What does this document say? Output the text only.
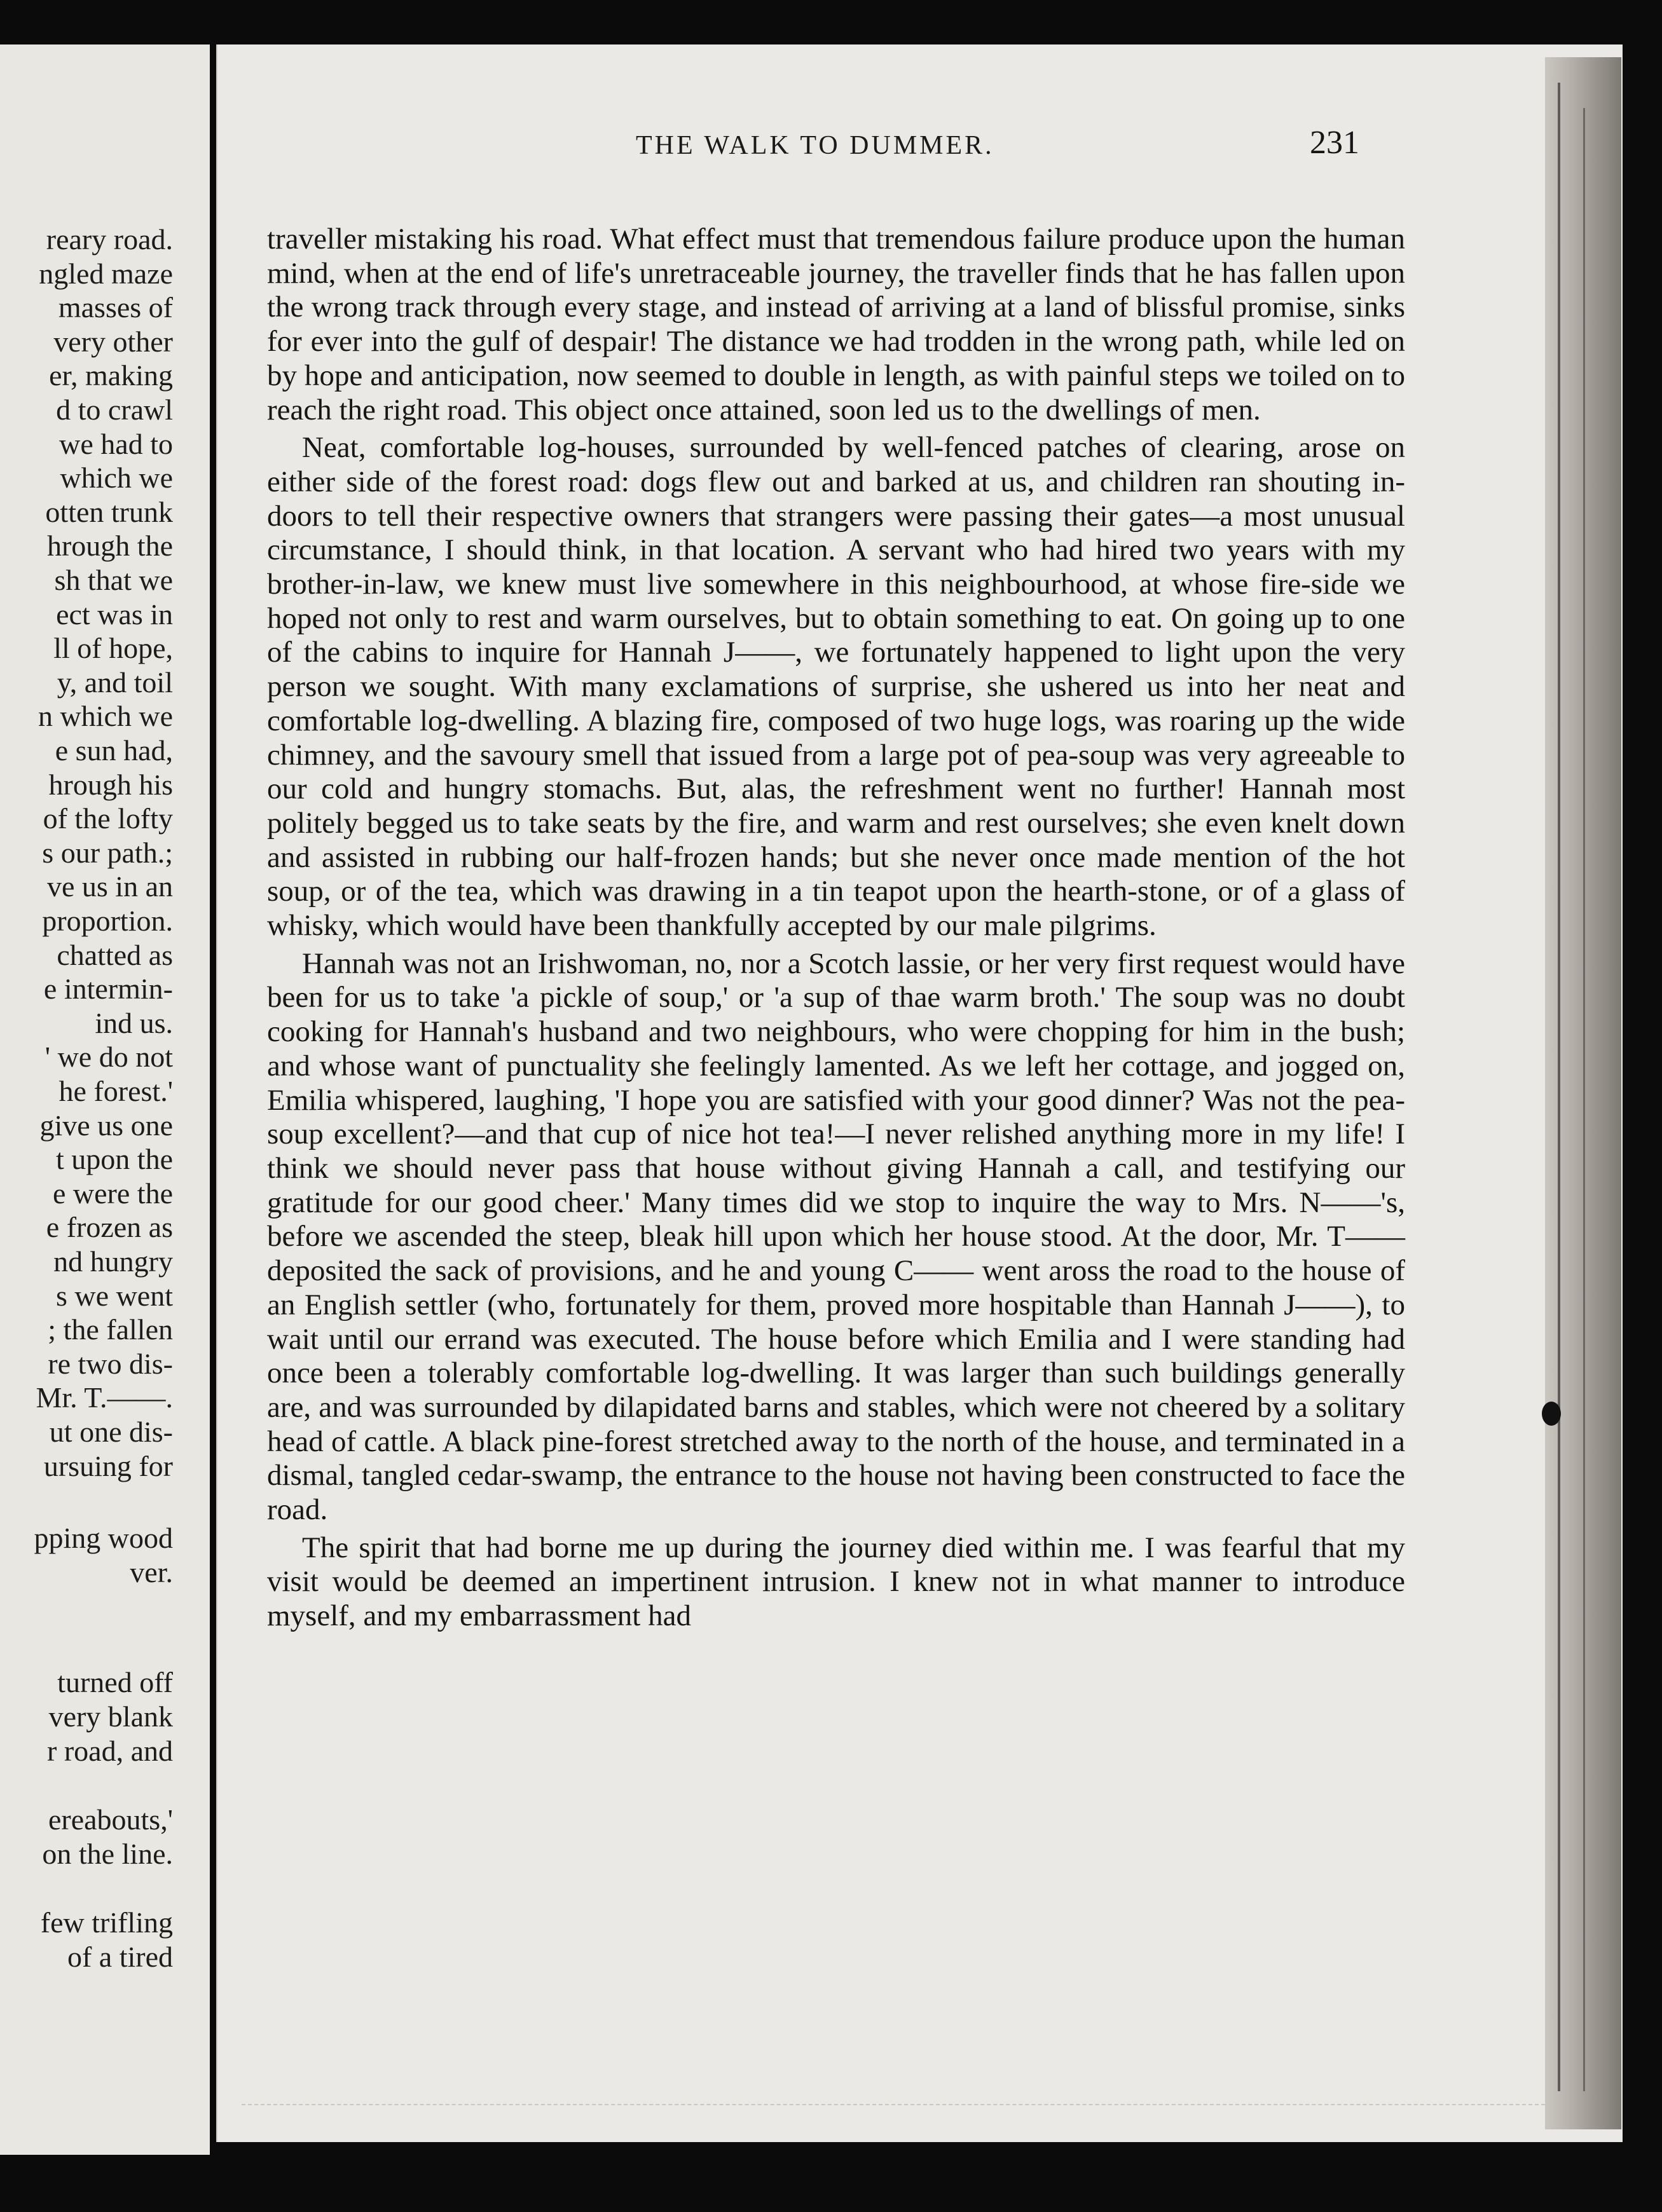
reary road.
ngled maze
masses of
very other
er, making
d to crawl
we had to
which we
otten trunk
hrough the
sh that we
ect was in
ll of hope,
y, and toil
n which we
e sun had,
hrough his
of the lofty
s our path.;
ve us in an
proportion.
chatted as
e intermin-
ind us.
' we do not
he forest.'
give us one
t upon the
e were the
e frozen as
nd hungry
s we went
; the fallen
re two dis-
Mr. T.——.
ut one dis-
ursuing for
pping wood
ver.
turned off
very blank
r road, and
ereabouts,'
on the line.
few trifling
of a tired
THE WALK TO DUMMER.	231

traveller mistaking his road. What effect must that tremendous failure produce upon the human mind, when at the end of life's unretraceable journey, the traveller finds that he has fallen upon the wrong track through every stage, and instead of arriving at a land of blissful promise, sinks for ever into the gulf of despair! The distance we had trodden in the wrong path, while led on by hope and anticipation, now seemed to double in length, as with painful steps we toiled on to reach the right road. This object once attained, soon led us to the dwellings of men.

Neat, comfortable log-houses, surrounded by well-fenced patches of clearing, arose on either side of the forest road: dogs flew out and barked at us, and children ran shouting in-doors to tell their respective owners that strangers were passing their gates—a most unusual circumstance, I should think, in that location. A servant who had hired two years with my brother-in-law, we knew must live somewhere in this neighbourhood, at whose fire-side we hoped not only to rest and warm ourselves, but to obtain something to eat. On going up to one of the cabins to inquire for Hannah J——, we fortunately happened to light upon the very person we sought. With many exclamations of surprise, she ushered us into her neat and comfortable log-dwelling. A blazing fire, composed of two huge logs, was roaring up the wide chimney, and the savoury smell that issued from a large pot of pea-soup was very agreeable to our cold and hungry stomachs. But, alas, the refreshment went no further! Hannah most politely begged us to take seats by the fire, and warm and rest ourselves; she even knelt down and assisted in rubbing our half-frozen hands; but she never once made mention of the hot soup, or of the tea, which was drawing in a tin teapot upon the hearth-stone, or of a glass of whisky, which would have been thankfully accepted by our male pilgrims.

Hannah was not an Irishwoman, no, nor a Scotch lassie, or her very first request would have been for us to take 'a pickle of soup,' or 'a sup of thae warm broth.' The soup was no doubt cooking for Hannah's husband and two neighbours, who were chopping for him in the bush; and whose want of punctuality she feelingly lamented. As we left her cottage, and jogged on, Emilia whispered, laughing, 'I hope you are satisfied with your good dinner? Was not the pea-soup excellent?—and that cup of nice hot tea!—I never relished anything more in my life! I think we should never pass that house without giving Hannah a call, and testifying our gratitude for our good cheer.' Many times did we stop to inquire the way to Mrs. N——'s, before we ascended the steep, bleak hill upon which her house stood. At the door, Mr. T—— deposited the sack of provisions, and he and young C—— went aross the road to the house of an English settler (who, fortunately for them, proved more hospitable than Hannah J——), to wait until our errand was executed. The house before which Emilia and I were standing had once been a tolerably comfortable log-dwelling. It was larger than such buildings generally are, and was surrounded by dilapidated barns and stables, which were not cheered by a solitary head of cattle. A black pine-forest stretched away to the north of the house, and terminated in a dismal, tangled cedar-swamp, the entrance to the house not having been constructed to face the road.

The spirit that had borne me up during the journey died within me. I was fearful that my visit would be deemed an impertinent intrusion. I knew not in what manner to introduce myself, and my embarrassment had
